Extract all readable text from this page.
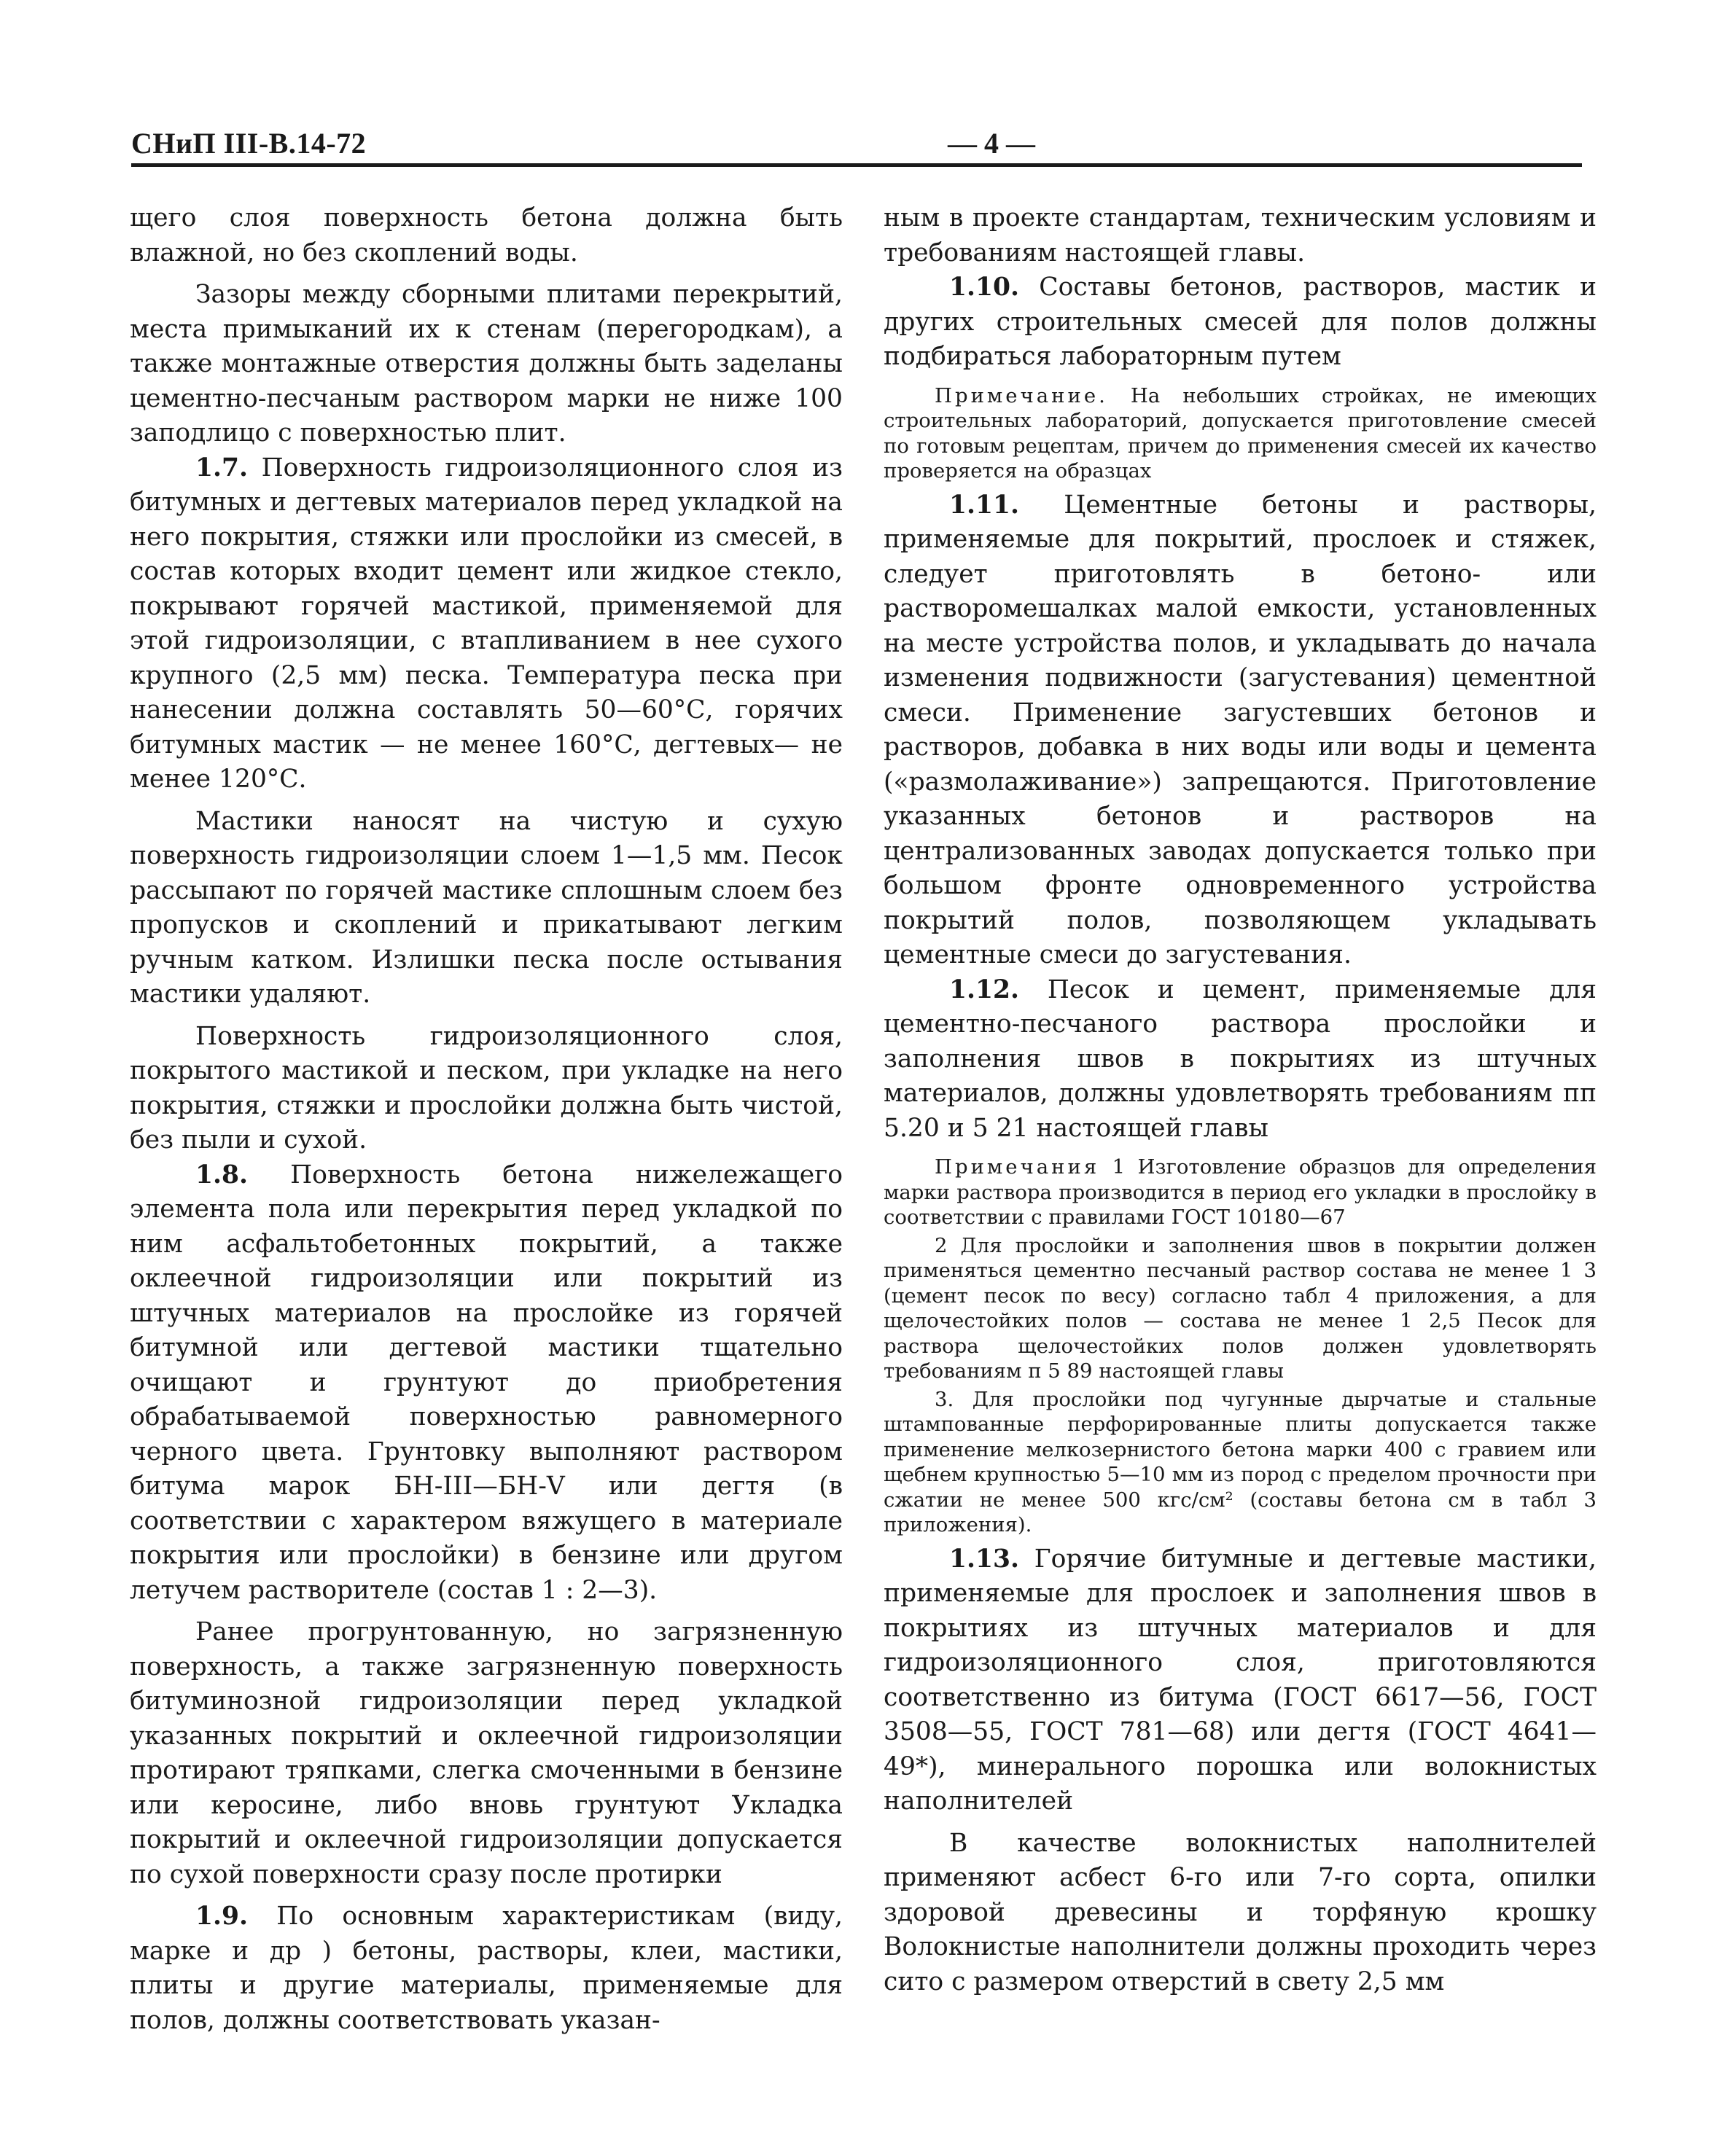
СНиП III-В.14-72	— 4 —

щего слоя поверхность бетона должна быть влажной, но без скоплений воды.

Зазоры между сборными плитами перекрытий, места примыканий их к стенам (перегородкам), а также монтажные отверстия должны быть заделаны цементно-песчаным раствором марки не ниже 100 заподлицо с поверхностью плит.

1.7. Поверхность гидроизоляционного слоя из битумных и дегтевых материалов перед укладкой на него покрытия, стяжки или прослойки из смесей, в состав которых входит цемент или жидкое стекло, покрывают горячей мастикой, применяемой для этой гидроизоляции, с втапливанием в нее сухого крупного (2,5 мм) песка. Температура песка при нанесении должна составлять 50—60°С, горячих битумных мастик — не менее 160°С, дегтевых— не менее 120°С.

Мастики наносят на чистую и сухую поверхность гидроизоляции слоем 1—1,5 мм. Песок рассыпают по горячей мастике сплошным слоем без пропусков и скоплений и прикатывают легким ручным катком. Излишки песка после остывания мастики удаляют.

Поверхность гидроизоляционного слоя, покрытого мастикой и песком, при укладке на него покрытия, стяжки и прослойки должна быть чистой, без пыли и сухой.

1.8. Поверхность бетона нижележащего элемента пола или перекрытия перед укладкой по ним асфальтобетонных покрытий, а также оклеечной гидроизоляции или покрытий из штучных материалов на прослойке из горячей битумной или дегтевой мастики тщательно очищают и грунтуют до приобретения обрабатываемой поверхностью равномерного черного цвета. Грунтовку выполняют раствором битума марок БН-III—БН-V или дегтя (в соответствии с характером вяжущего в материале покрытия или прослойки) в бензине или другом летучем растворителе (состав 1 : 2—3).

Ранее прогрунтованную, но загрязненную поверхность, а также загрязненную поверхность битуминозной гидроизоляции перед укладкой указанных покрытий и оклеечной гидроизоляции протирают тряпками, слегка смоченными в бензине или керосине, либо вновь грунтуют Укладка покрытий и оклеечной гидроизоляции допускается по сухой поверхности сразу после протирки

1.9. По основным характеристикам (виду, марке и др ) бетоны, растворы, клеи, мастики, плиты и другие материалы, применяемые для полов, должны соответствовать указан-

ным в проекте стандартам, техническим условиям и требованиям настоящей главы.

1.10. Составы бетонов, растворов, мастик и других строительных смесей для полов должны подбираться лабораторным путем

Примечание. На небольших стройках, не имеющих строительных лабораторий, допускается приготовление смесей по готовым рецептам, причем до применения смесей их качество проверяется на образцах

1.11. Цементные бетоны и растворы, применяемые для покрытий, прослоек и стяжек, следует приготовлять в бетоно- или растворомешалках малой емкости, установленных на месте устройства полов, и укладывать до начала изменения подвижности (загустевания) цементной смеси. Применение загустевших бетонов и растворов, добавка в них воды или воды и цемента («размолаживание») запрещаются. Приготовление указанных бетонов и растворов на централизованных заводах допускается только при большом фронте одновременного устройства покрытий полов, позволяющем укладывать цементные смеси до загустевания.

1.12. Песок и цемент, применяемые для цементно-песчаного раствора прослойки и заполнения швов в покрытиях из штучных материалов, должны удовлетворять требованиям пп 5.20 и 5 21 настоящей главы

Примечания 1 Изготовление образцов для определения марки раствора производится в период его укладки в прослойку в соответствии с правилами ГОСТ 10180—67

2 Для прослойки и заполнения швов в покрытии должен применяться цементно песчаный раствор состава не менее 1 3 (цемент песок по весу) согласно табл 4 приложения, а для щелочестойких полов — состава не менее 1 2,5 Песок для раствора щелочестойких полов должен удовлетворять требованиям п 5 89 настоящей главы

3. Для прослойки под чугунные дырчатые и стальные штампованные перфорированные плиты допускается также применение мелкозернистого бетона марки 400 с гравием или щебнем крупностью 5—10 мм из пород с пределом прочности при сжатии не менее 500 кгс/см² (составы бетона см в табл 3 приложения).

1.13. Горячие битумные и дегтевые мастики, применяемые для прослоек и заполнения швов в покрытиях из штучных материалов и для гидроизоляционного слоя, приготовляются соответственно из битума (ГОСТ 6617—56, ГОСТ 3508—55, ГОСТ 781—68) или дегтя (ГОСТ 4641—49*), минерального порошка или волокнистых наполнителей

В качестве волокнистых наполнителей применяют асбест 6-го или 7-го сорта, опилки здоровой древесины и торфяную крошку Волокнистые наполнители должны проходить через сито с размером отверстий в свету 2,5 мм
